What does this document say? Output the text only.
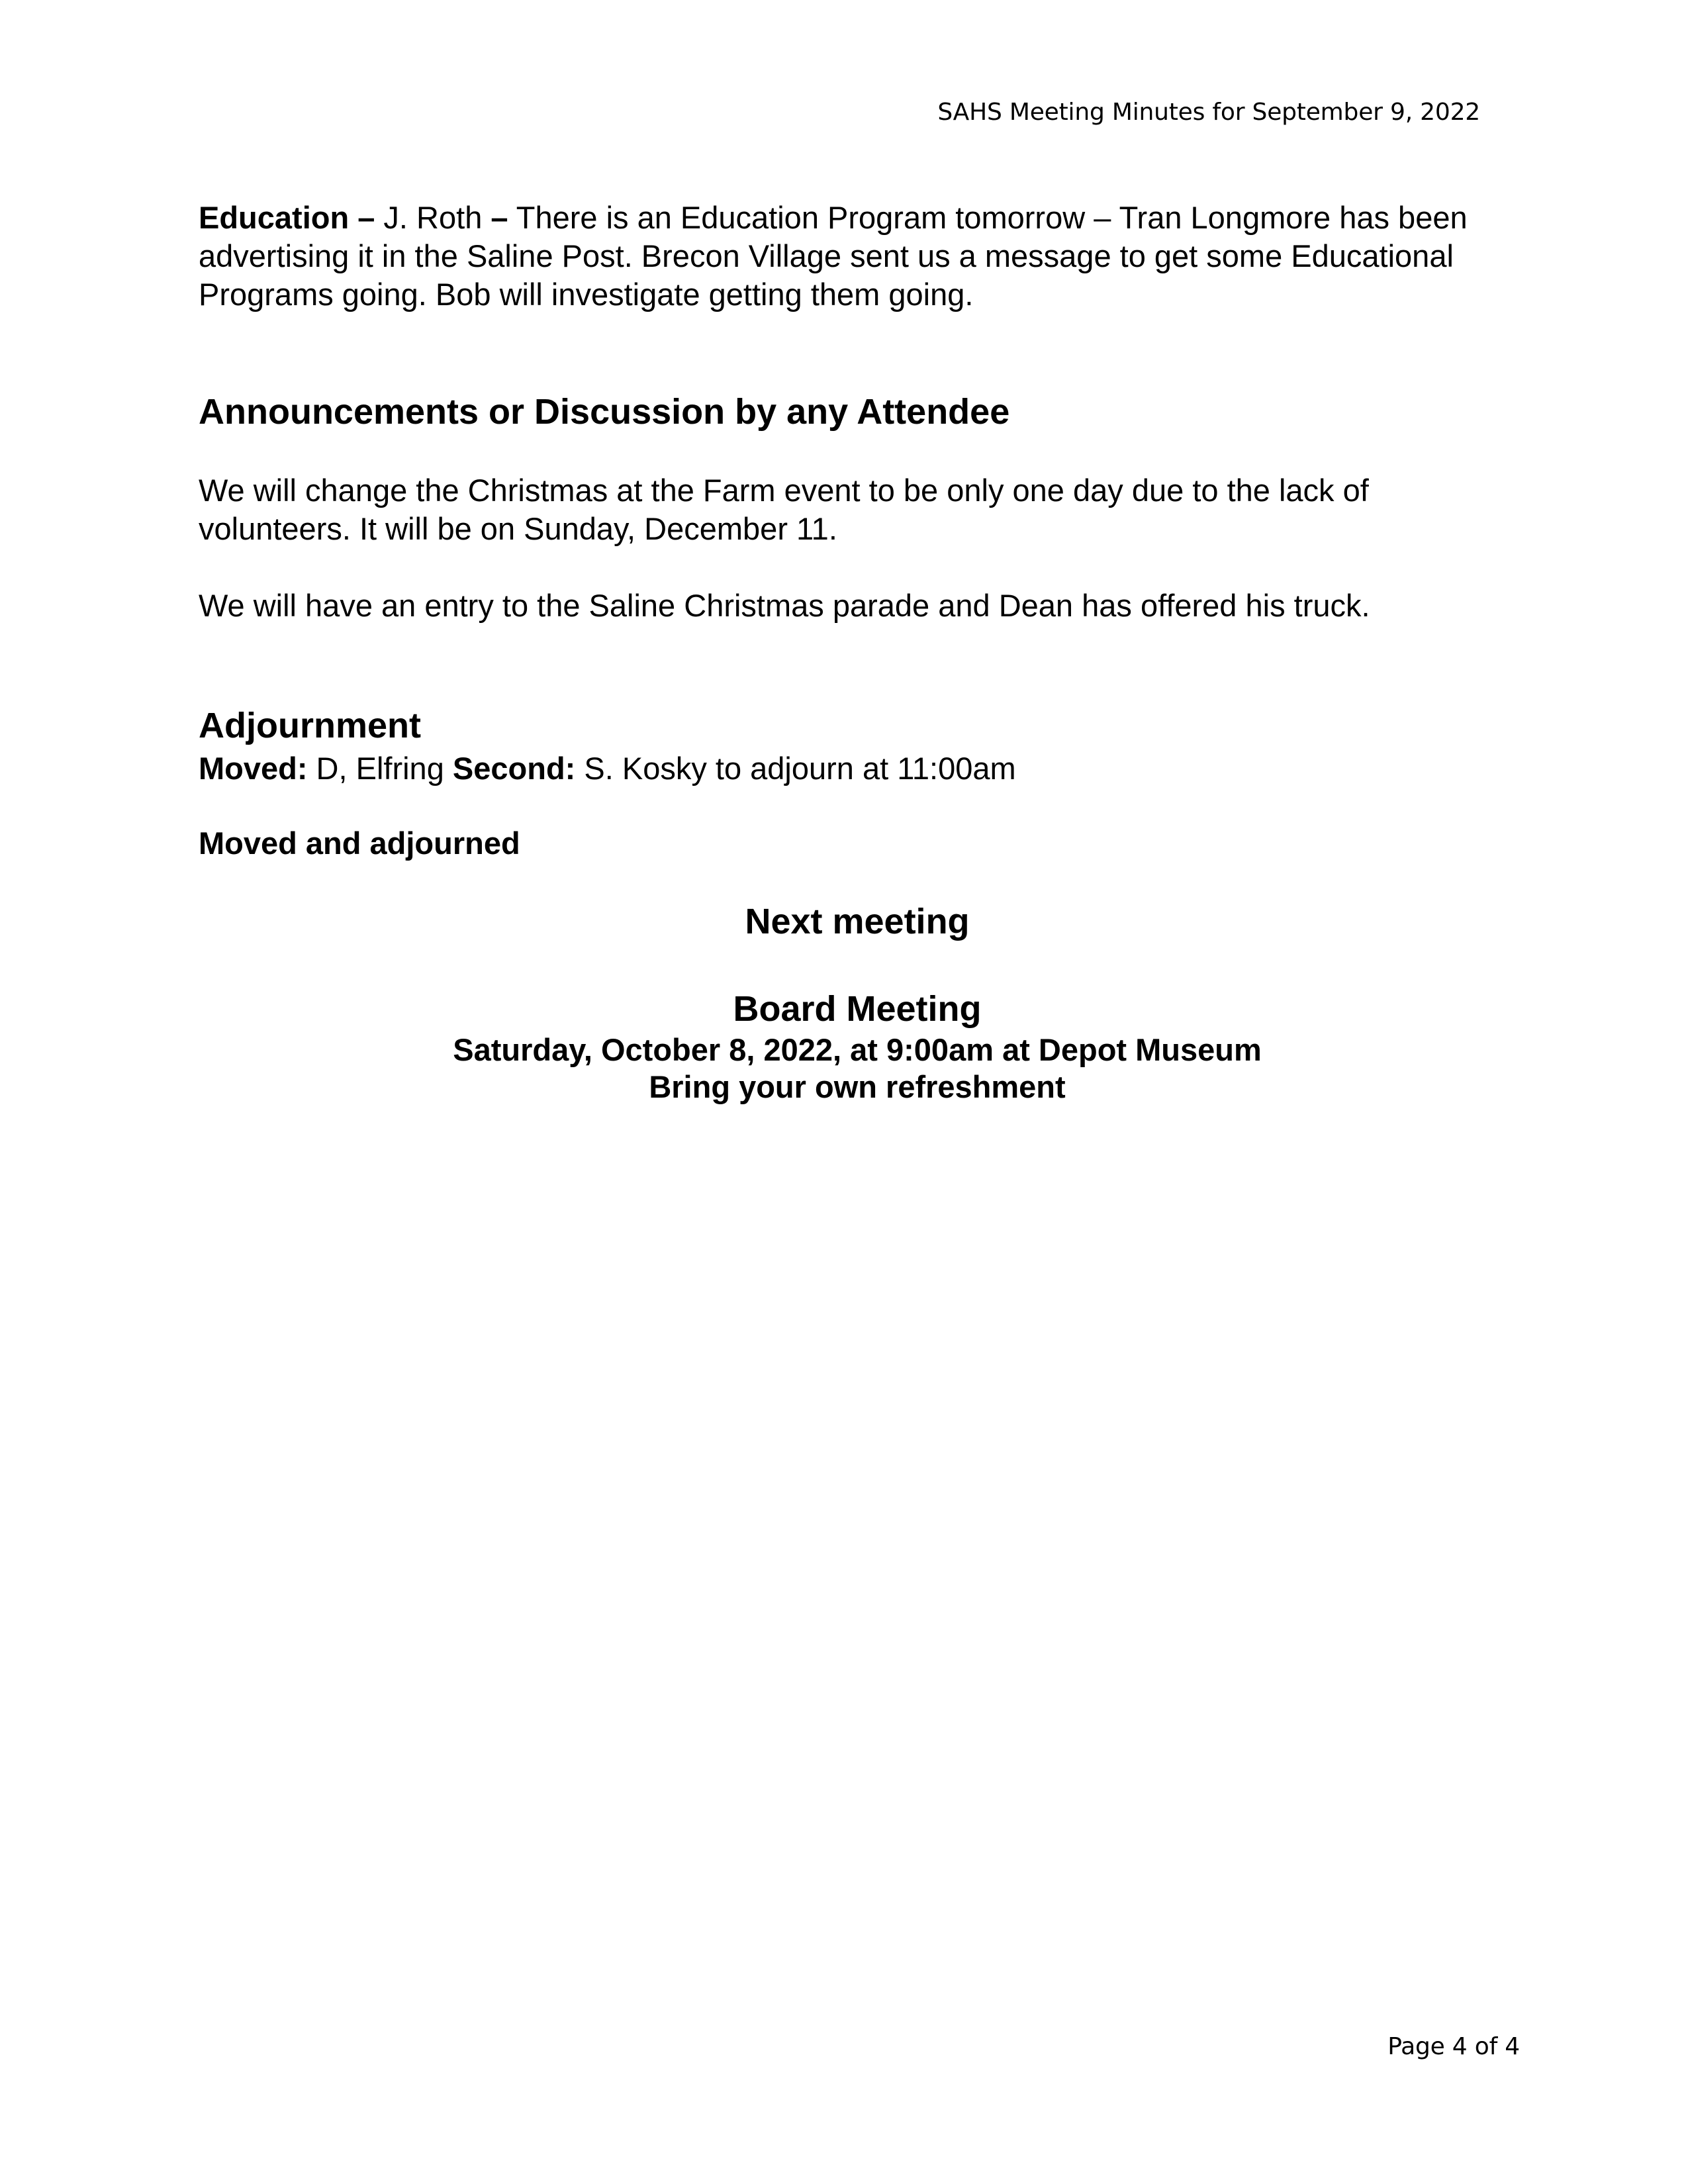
SAHS Meeting Minutes for September 9, 2022

Education – J. Roth – There is an Education Program tomorrow – Tran Longmore has been advertising it in the Saline Post. Brecon Village sent us a message to get some Educational Programs going. Bob will investigate getting them going.

Announcements or Discussion by any Attendee

We will change the Christmas at the Farm event to be only one day due to the lack of volunteers. It will be on Sunday, December 11.

We will have an entry to the Saline Christmas parade and Dean has offered his truck.

Adjournment

Moved: D, Elfring Second: S. Kosky to adjourn at 11:00am

Moved and adjourned

Next meeting
Board Meeting
Saturday, October 8, 2022, at 9:00am at Depot Museum
Bring your own refreshment
Page 4 of 4
